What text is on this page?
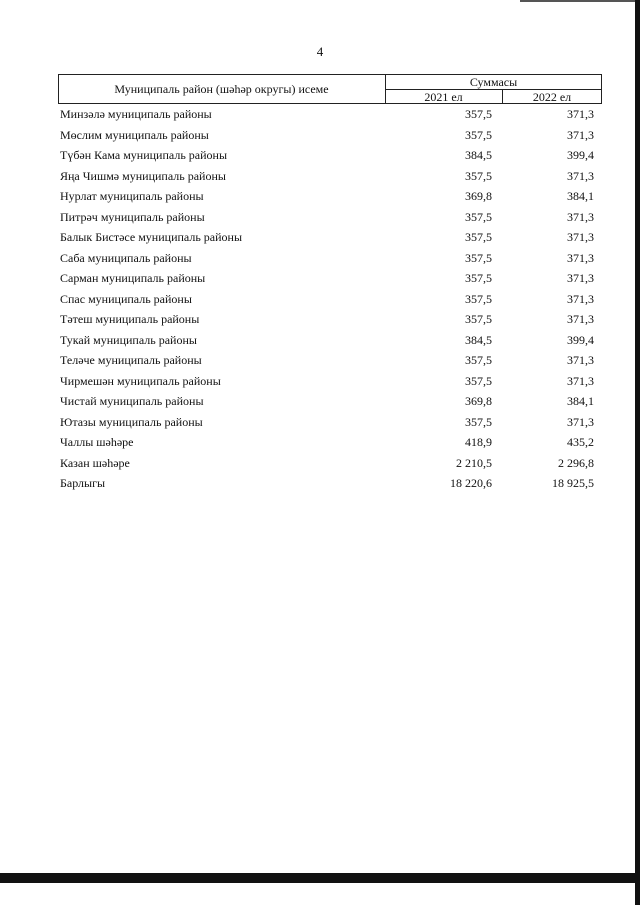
4
Муниципаль район (шәһәр округы) исеме	Суммасы
2021 ел	2022 ел
Минзәлә муниципаль районы	357,5	371,3
Мөслим муниципаль районы	357,5	371,3
Түбән Кама муниципаль районы	384,5	399,4
Яңа Чишмә муниципаль районы	357,5	371,3
Нурлат муниципаль районы	369,8	384,1
Питрәч муниципаль районы	357,5	371,3
Балык Бистәсе муниципаль районы	357,5	371,3
Саба муниципаль районы	357,5	371,3
Сарман муниципаль районы	357,5	371,3
Спас муниципаль районы	357,5	371,3
Тәтеш муниципаль районы	357,5	371,3
Тукай муниципаль районы	384,5	399,4
Теләче муниципаль районы	357,5	371,3
Чирмешән муниципаль районы	357,5	371,3
Чистай муниципаль районы	369,8	384,1
Ютазы муниципаль районы	357,5	371,3
Чаллы шәһәре	418,9	435,2
Казан шәһәре	2 210,5	2 296,8
Барлыгы	18 220,6	18 925,5
